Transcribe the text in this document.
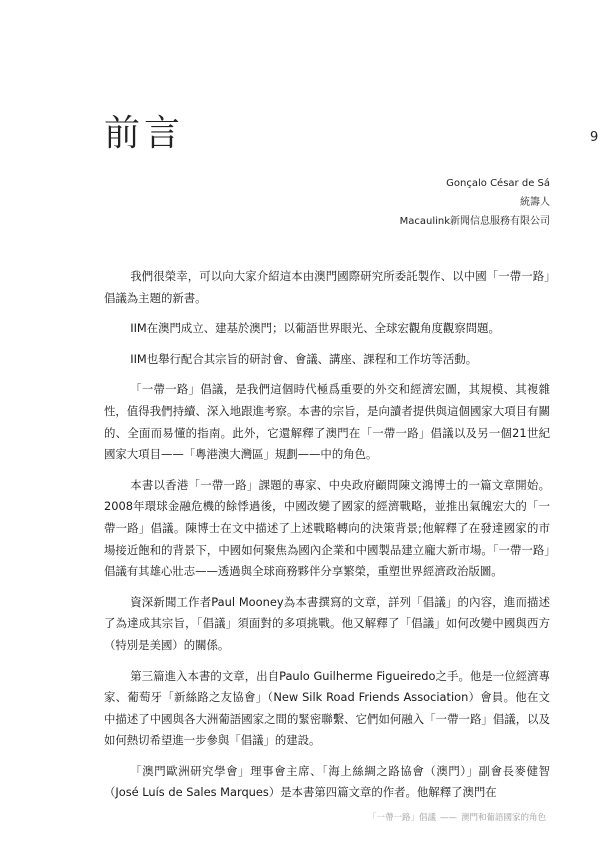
前言	9
Gonçalo César de Sá
統籌人
Macaulink新聞信息服務有限公司

我們很榮幸，可以向大家介紹這本由澳門國際研究所委託製作、以中國「一帶一路」倡議為主題的新書。

IIM在澳門成立、建基於澳門；以葡語世界眼光、全球宏觀角度觀察問題。

IIM也舉行配合其宗旨的研討會、會議、講座、課程和工作坊等活動。

「一帶一路」倡議，是我們這個時代極爲重要的外交和經濟宏圖，其規模、其複雜性，值得我們持續、深入地跟進考察。本書的宗旨，是向讀者提供與這個國家大項目有關的、全面而易懂的指南。此外，它還解釋了澳門在「一帶一路」倡議以及另一個21世紀國家大項目——「粵港澳大灣區」規劃——中的角色。

本書以香港「一帶一路」課題的專家、中央政府顧問陳文鴻博士的一篇文章開始。2008年環球金融危機的餘悸過後，中國改變了國家的經濟戰略，並推出氣魄宏大的「一帶一路」倡議。陳博士在文中描述了上述戰略轉向的決策背景;他解釋了在發達國家的市場接近飽和的背景下，中國如何聚焦為國內企業和中國製品建立龐大新市場。「一帶一路」倡議有其雄心壯志——透過與全球商務夥伴分享繁榮，重塑世界經濟政治版圖。

資深新聞工作者Paul Mooney為本書撰寫的文章，詳列「倡議」的內容，進而描述了為達成其宗旨，「倡議」須面對的多項挑戰。他又解釋了「倡議」如何改變中國與西方（特別是美國）的關係。

第三篇進入本書的文章，出自Paulo Guilherme Figueiredo之手。他是一位經濟專家、葡萄牙「新絲路之友協會」（New Silk Road Friends Association）會員。他在文中描述了中國與各大洲葡語國家之間的緊密聯繫、它們如何融入「一帶一路」倡議，以及如何熱切希望進一步參與「倡議」的建設。

「澳門歐洲研究學會」理事會主席、「海上絲綢之路協會（澳門）」副會長麥健智（José Luís de Sales Marques）是本書第四篇文章的作者。他解釋了澳門在

「一帶一路」倡議 —— 澳門和葡語國家的角色
